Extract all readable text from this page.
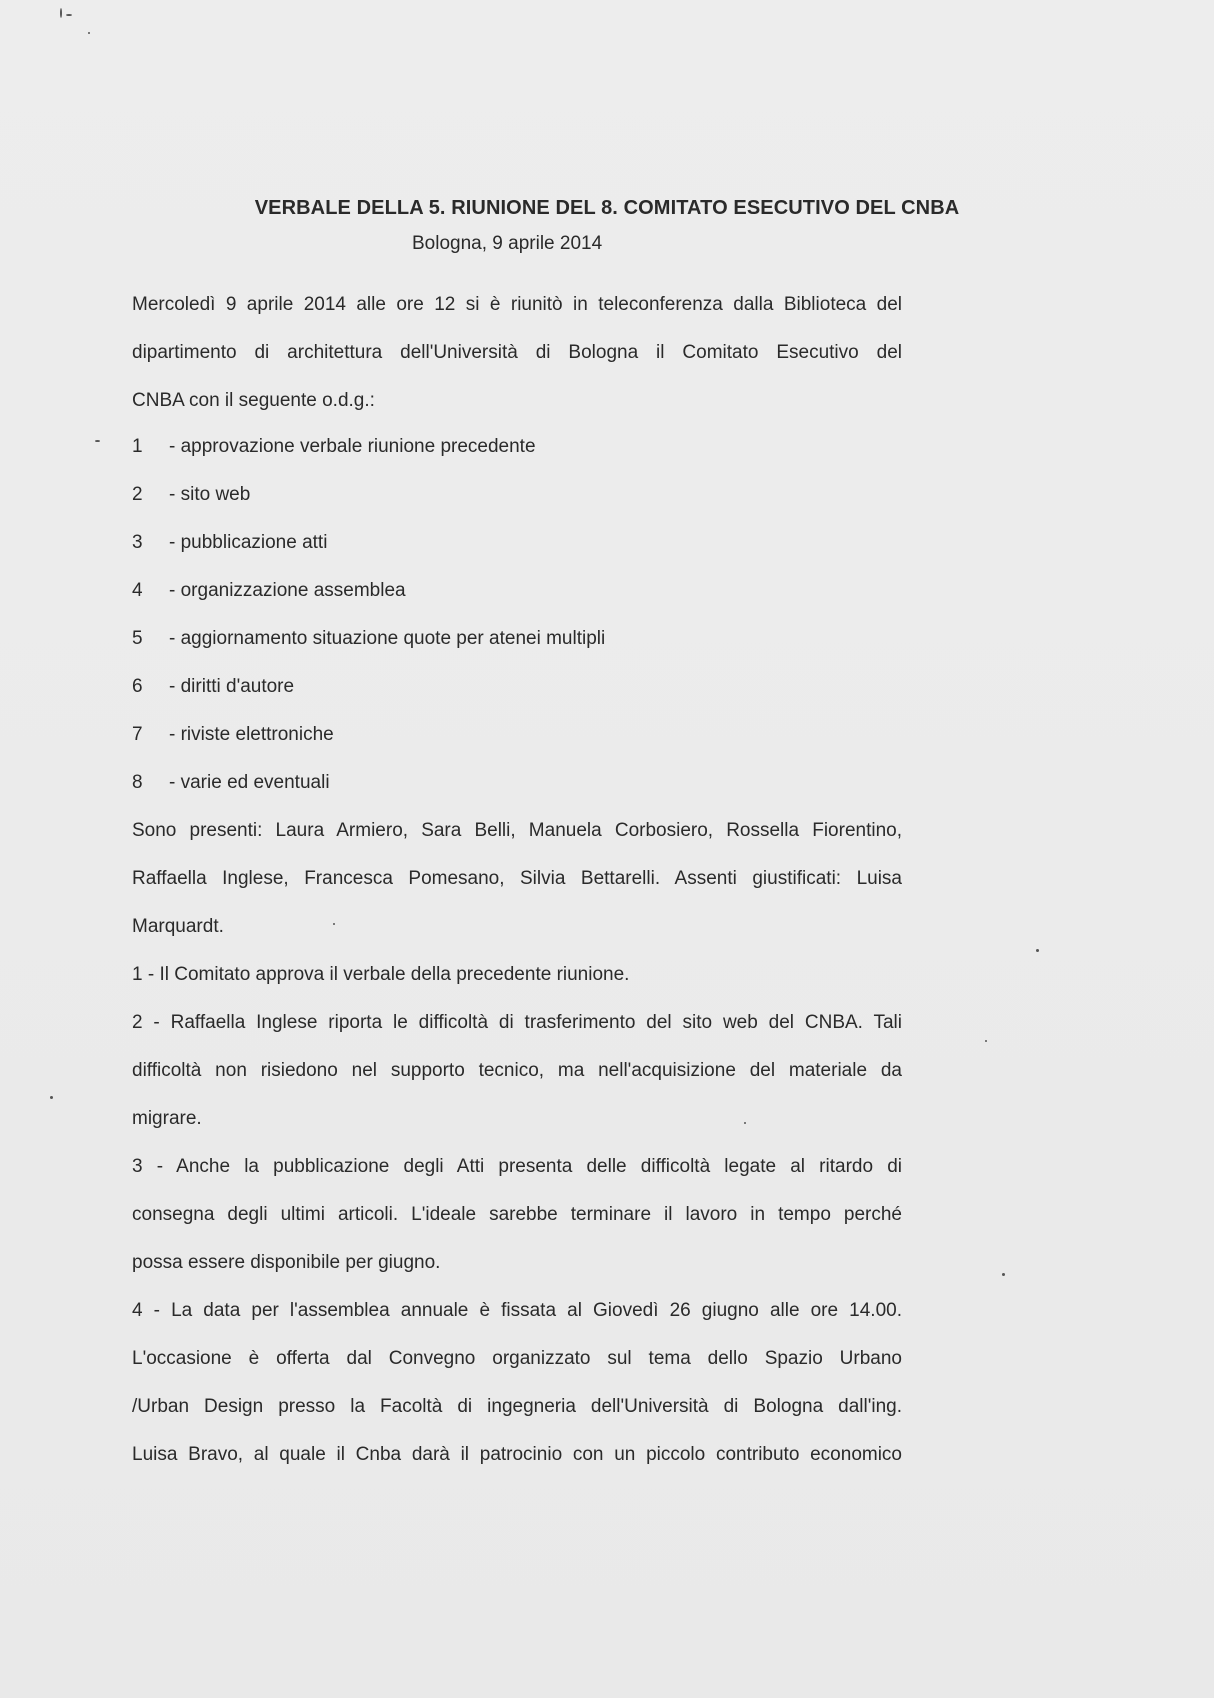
VERBALE DELLA 5. RIUNIONE DEL 8. COMITATO ESECUTIVO DEL CNBA
Bologna, 9 aprile 2014
Mercoledì 9 aprile 2014 alle ore 12 si è riunitò in teleconferenza dalla Biblioteca del
dipartimento di architettura dell'Università di Bologna il Comitato Esecutivo del
CNBA con il seguente o.d.g.:
1 - approvazione verbale riunione precedente
2 - sito web
3 - pubblicazione atti
4 - organizzazione assemblea
5 - aggiornamento situazione quote per atenei multipli
6 - diritti d'autore
7 - riviste elettroniche
8 - varie ed eventuali
Sono presenti: Laura Armiero, Sara Belli, Manuela Corbosiero, Rossella Fiorentino,
Raffaella Inglese, Francesca Pomesano, Silvia Bettarelli. Assenti giustificati: Luisa
Marquardt.
1 - Il Comitato approva il verbale della precedente riunione.
2 - Raffaella Inglese riporta le difficoltà di trasferimento del sito web del CNBA. Tali
difficoltà non risiedono nel supporto tecnico, ma nell'acquisizione del materiale da
migrare.
3 - Anche la pubblicazione degli Atti presenta delle difficoltà legate al ritardo di
consegna degli ultimi articoli. L'ideale sarebbe terminare il lavoro in tempo perché
possa essere disponibile per giugno.
4 - La data per l'assemblea annuale è fissata al Giovedì 26 giugno alle ore 14.00.
L'occasione è offerta dal Convegno organizzato sul tema dello Spazio Urbano
/Urban Design presso la Facoltà di ingegneria dell'Università di Bologna dall'ing.
Luisa Bravo, al quale il Cnba darà il patrocinio con un piccolo contributo economico
